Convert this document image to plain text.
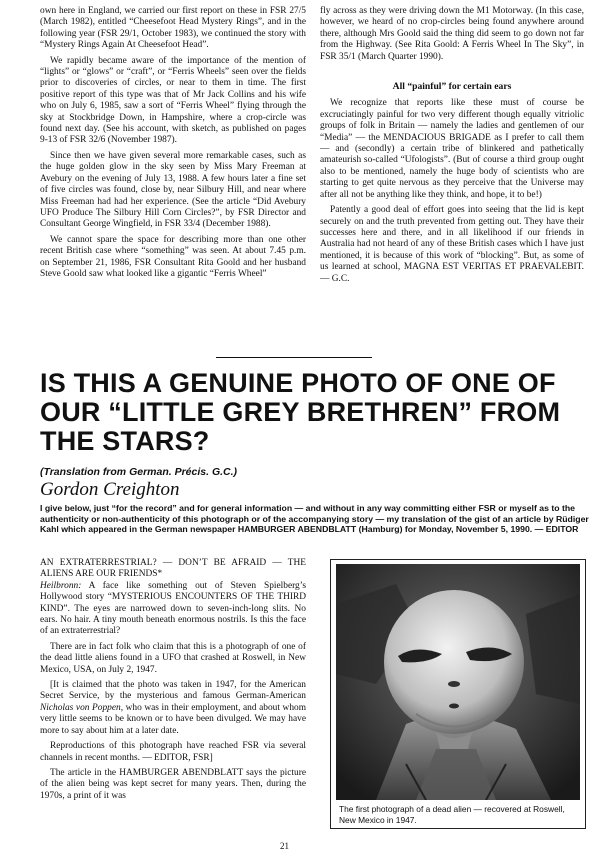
own here in England, we carried our first report on these in FSR 27/5 (March 1982), entitled “Cheesefoot Head Mystery Rings”, and in the following year (FSR 29/1, October 1983), we continued the story with “Mystery Rings Again At Cheesefoot Head”.

We rapidly became aware of the importance of the mention of “lights” or “glows” or “craft”, or “Ferris Wheels” seen over the fields prior to discoveries of circles, or near to them in time. The first positive report of this type was that of Mr Jack Collins and his wife who on July 6, 1985, saw a sort of “Ferris Wheel” flying through the sky at Stockbridge Down, in Hampshire, where a crop-circle was found next day. (See his account, with sketch, as published on pages 9-13 of FSR 32/6 (November 1987).

Since then we have given several more remarkable cases, such as the huge golden glow in the sky seen by Miss Mary Freeman at Avebury on the evening of July 13, 1988. A few hours later a fine set of five circles was found, close by, near Silbury Hill, and near where Miss Freeman had had her experience. (See the article “Did Avebury UFO Produce The Silbury Hill Corn Circles?”, by FSR Director and Consultant George Wingfield, in FSR 33/4 (December 1988).

We cannot spare the space for describing more than one other recent British case where “something” was seen. At about 7.45 p.m. on September 21, 1986, FSR Consultant Rita Goold and her husband Steve Goold saw what looked like a gigantic “Ferris Wheel”

fly across as they were driving down the M1 Motorway. (In this case, however, we heard of no crop-circles being found anywhere around there, although Mrs Goold said the thing did seem to go down not far from the Highway. (See Rita Goold: A Ferris Wheel In The Sky”, in FSR 35/1 (March Quarter 1990).

All “painful” for certain ears

We recognize that reports like these must of course be excruciatingly painful for two very different though equally vitriolic groups of folk in Britain — namely the ladies and gentlemen of our “Media” — the MENDACIOUS BRIGADE as I prefer to call them — and (secondly) a certain tribe of blinkered and pathetically amateurish so-called “Ufologists”. (But of course a third group ought also to be mentioned, namely the huge body of scientists who are starting to get quite nervous as they perceive that the Universe may after all not be anything like they think, and hope, it to be!)

Patently a good deal of effort goes into seeing that the lid is kept securely on and the truth prevented from getting out. They have their successes here and there, and in all likelihood if our friends in Australia had not heard of any of these British cases which I have just mentioned, it is because of this work of “blocking”. But, as some of us learned at school, MAGNA EST VERITAS ET PRAEVALEBIT. — G.C.

IS THIS A GENUINE PHOTO OF ONE OF OUR “LITTLE GREY BRETHREN” FROM THE STARS?
(Translation from German. Précis. G.C.)
Gordon Creighton
I give below, just “for the record” and for general information — and without in any way committing either FSR or myself as to the authenticity or non-authenticity of this photograph or of the accompanying story — my translation of the gist of an article by Rüdiger Kahl which appeared in the German newspaper HAMBURGER ABENDBLATT (Hamburg) for Monday, November 5, 1990. — EDITOR

AN EXTRATERRESTRIAL? — DON’T BE AFRAID — THE ALIENS ARE OUR FRIENDS*

Heilbronn: A face like something out of Steven Spielberg’s Hollywood story “MYSTERIOUS ENCOUNTERS OF THE THIRD KIND”. The eyes are narrowed down to seven-inch-long slits. No ears. No hair. A tiny mouth beneath enormous nostrils. Is this the face of an extraterrestrial?

There are in fact folk who claim that this is a photograph of one of the dead little aliens found in a UFO that crashed at Roswell, in New Mexico, USA, on July 2, 1947.

[It is claimed that the photo was taken in 1947, for the American Secret Service, by the mysterious and famous German-American Nicholas von Poppen, who was in their employment, and about whom very little seems to be known or to have been divulged. We may have more to say about him at a later date.

Reproductions of this photograph have reached FSR via several channels in recent months. — EDITOR, FSR]

The article in the HAMBURGER ABENDBLATT says the picture of the alien being was kept secret for many years. Then, during the 1970s, a print of it was

The first photograph of a dead alien — recovered at Roswell, New Mexico in 1947.
21
